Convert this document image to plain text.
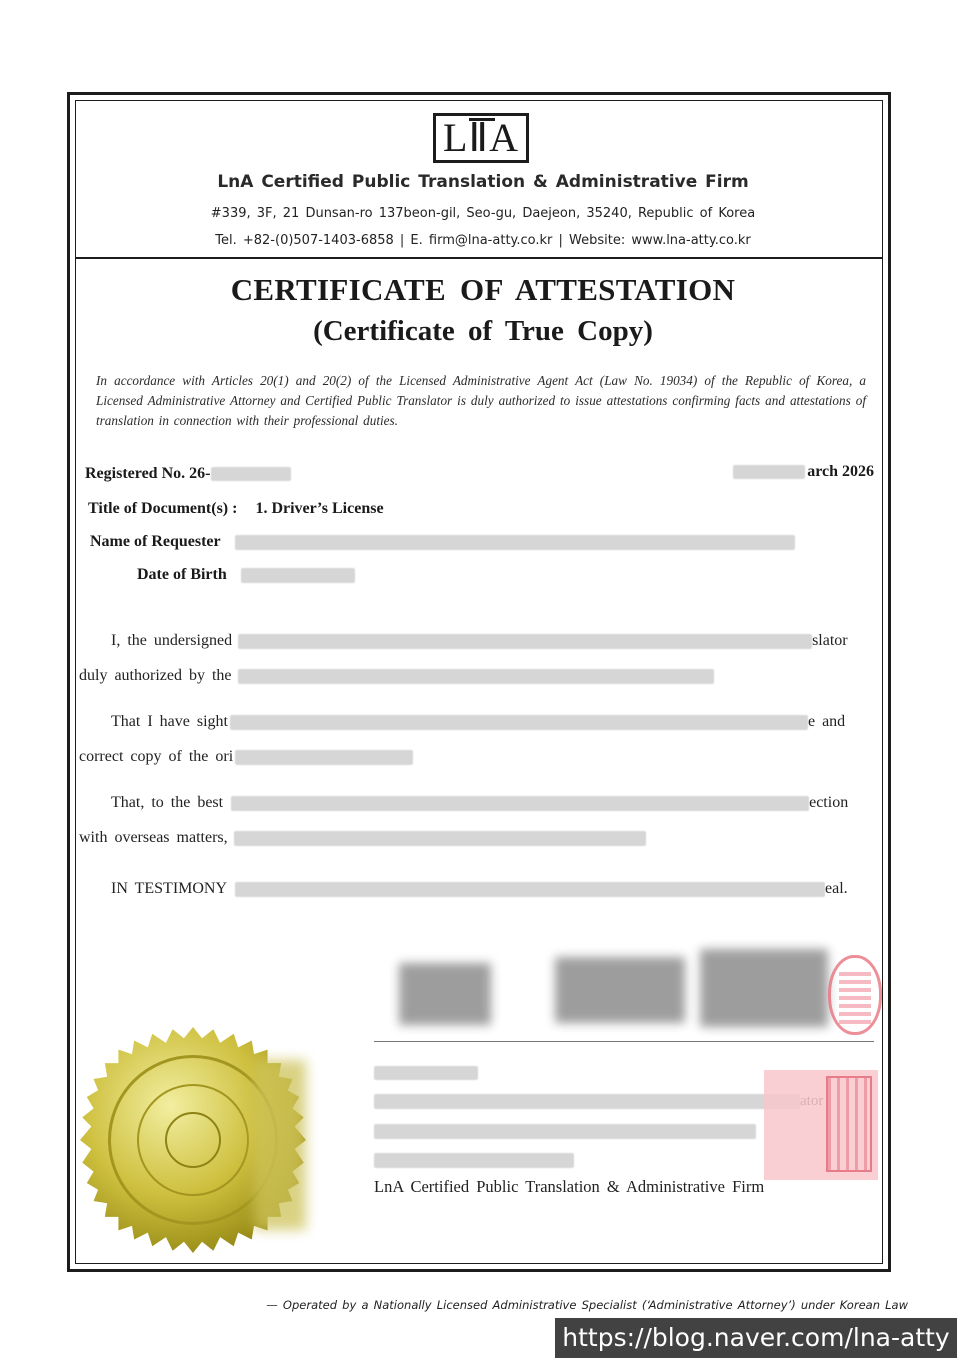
LⅡA
LnA Certified Public Translation & Administrative Firm
#339, 3F, 21 Dunsan-ro 137beon-gil, Seo-gu, Daejeon, 35240, Republic of Korea
Tel. +82-(0)507-1403-6858 | E. firm@lna-atty.co.kr | Website: www.lna-atty.co.kr
CERTIFICATE OF ATTESTATION
(Certificate of True Copy)
In accordance with Articles 20(1) and 20(2) of the Licensed Administrative Agent Act (Law No. 19034) of the Republic of Korea, a Licensed Administrative Attorney and Certified Public Translator is duly authorized to issue attestations confirming facts and attestations of translation in connection with their professional duties.
Registered No. 26-	arch 2026
Title of Document(s) : 1. Driver’s License
Name of Requester
Date of Birth
I, the undersigned	slator
duly authorized by the
That I have sight	e and
correct copy of the ori
That, to the best	ection
with overseas matters,
IN TESTIMONY	eal.
LnA Certified Public Translation & Administrative Firm
— Operated by a Nationally Licensed Administrative Specialist (‘Administrative Attorney’) under Korean Law
https://blog.naver.com/lna-atty
